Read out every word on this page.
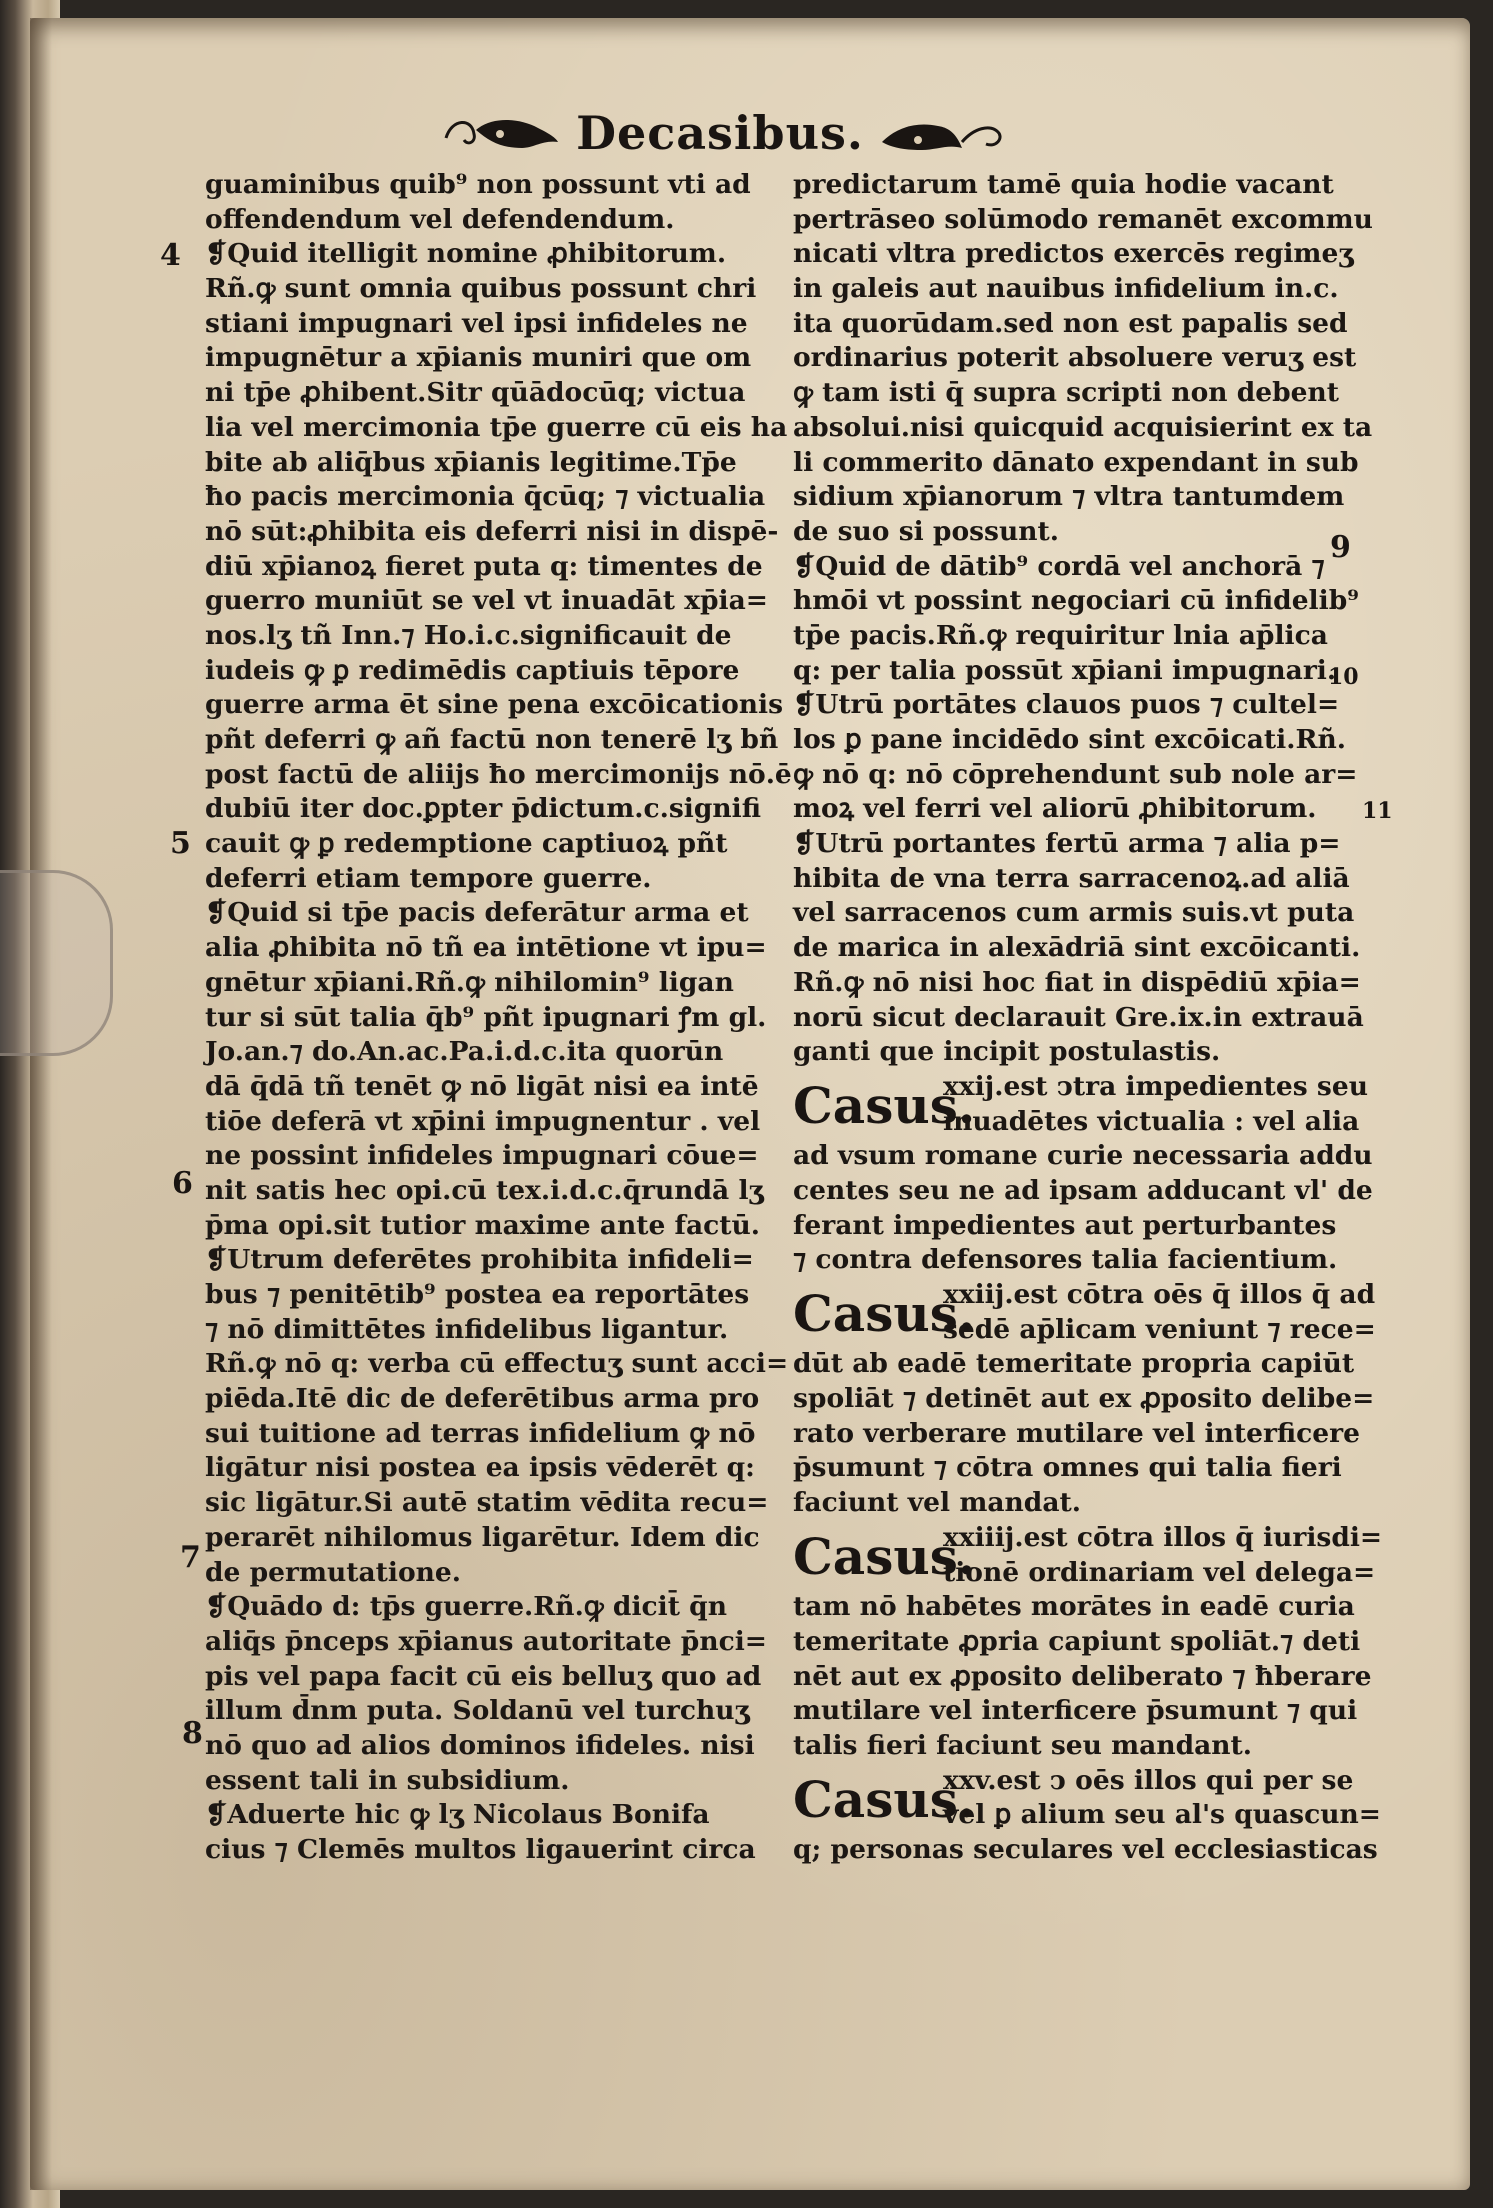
Decasibus.
guaminibus quib⁹ non possunt vti ad
offendendum vel defendendum.
❡Quid itelligit nomine ꝓhibitorum.
Rñ.ꝙ sunt omnia quibus possunt chri
stiani impugnari vel ipsi infideles ne
impugnētur a xp̄ianis muniri que om
ni tp̄e ꝓhibent.Sitr qūādocūq; victua
lia vel mercimonia tp̄e guerre cū eis ha
bite ab aliq̄bus xp̄ianis legitime.Tp̄e
ħo pacis mercimonia q̄cūq; ⁊ victualia
nō sūt:ꝓhibita eis deferri nisi in dispē-
diū xp̄ianoꝝ fieret puta q: timentes de
guerro muniūt se vel vt inuadāt xp̄ia=
nos.lʒ tñ Inn.⁊ Ho.i.c.significauit de
iudeis ꝙ ꝑ redimēdis captiuis tēpore
guerre arma ēt sine pena excōicationis
pñt deferri ꝙ añ factū non tenerē lʒ bñ
post factū de aliijs ħo mercimonijs nō.ē
dubiū iter doc.ꝑpter p̄dictum.c.signifi
cauit ꝙ ꝑ redemptione captiuoꝝ pñt
deferri etiam tempore guerre.
❡Quid si tp̄e pacis deferātur arma et
alia ꝓhibita nō tñ ea intētione vt ipu=
gnētur xp̄iani.Rñ.ꝙ nihilomin⁹ ligan
tur si sūt talia q̄b⁹ pñt ipugnari ꝭm gl.
Jo.an.⁊ do.An.ac.Pa.i.d.c.ita quorūn
dā q̄dā tñ tenēt ꝙ nō ligāt nisi ea intē
tiōe deferā vt xp̄ini impugnentur . vel
ne possint infideles impugnari cōue=
nit satis hec opi.cū tex.i.d.c.q̄rundā lʒ
p̄ma opi.sit tutior maxime ante factū.
❡Utrum deferētes prohibita infideli=
bus ⁊ penitētib⁹ postea ea reportātes
⁊ nō dimittētes infidelibus ligantur.
Rñ.ꝙ nō q: verba cū effectuʒ sunt acci=
piēda.Itē dic de deferētibus arma pro
sui tuitione ad terras infidelium ꝙ nō
ligātur nisi postea ea ipsis vēderēt q:
sic ligātur.Si autē statim vēdita recu=
perarēt nihilomus ligarētur. Idem dic
de permutatione.
❡Quādo d: tp̄s guerre.Rñ.ꝙ dicit̄ q̄n
aliq̄s p̄nceps xp̄ianus autoritate p̄nci=
pis vel papa facit cū eis belluʒ quo ad
illum d̄nm puta. Soldanū vel turchuʒ
nō quo ad alios dominos ifideles. nisi
essent tali in subsidium.
❡Aduerte hic ꝙ lʒ Nicolaus Bonifa
cius ⁊ Clemēs multos ligauerint circa
predictarum tamē quia hodie vacant
pertrāseo solūmodo remanēt excommu
nicati vltra predictos exercēs regimeʒ
in galeis aut nauibus infidelium in.c.
ita quorūdam.sed non est papalis sed
ordinarius poterit absoluere veruʒ est
ꝙ tam isti q̄ supra scripti non debent
absolui.nisi quicquid acquisierint ex ta
li commerito dānato expendant in sub
sidium xp̄ianorum ⁊ vltra tantumdem
de suo si possunt.
❡Quid de dātib⁹ cordā vel anchorā ⁊
hmōi vt possint negociari cū infidelib⁹
tp̄e pacis.Rñ.ꝙ requiritur lnia ap̄lica
q: per talia possūt xp̄iani impugnari.
❡Utrū portātes clauos puos ⁊ cultel=
los ꝑ pane incidēdo sint excōicati.Rñ.
ꝙ nō q: nō cōprehendunt sub nole ar=
moꝝ vel ferri vel aliorū ꝓhibitorum.
❡Utrū portantes fertū arma ⁊ alia p=
hibita de vna terra sarracenoꝝ.ad aliā
vel sarracenos cum armis suis.vt puta
de marica in alexādriā sint excōicanti.
Rñ.ꝙ nō nisi hoc fiat in dispēdiū xp̄ia=
norū sicut declarauit Gre.ix.in extrauā
ganti que incipit postulastis.
Casus.
xxij.est ↄtra impedientes seu
inuadētes victualia : vel alia
ad vsum romane curie necessaria addu
centes seu ne ad ipsam adducant vl' de
ferant impedientes aut perturbantes
⁊ contra defensores talia facientium.
Casus.
xxiij.est cōtra oēs q̄ illos q̄ ad
sedē ap̄licam veniunt ⁊ rece=
dūt ab eadē temeritate propria capiūt
spoliāt ⁊ detinēt aut ex ꝓposito delibe=
rato verberare mutilare vel interficere
p̄sumunt ⁊ cōtra omnes qui talia fieri
faciunt vel mandat.
Casus.
xxiiij.est cōtra illos q̄ iurisdi=
tionē ordinariam vel delega=
tam nō habētes morātes in eadē curia
temeritate ꝓpria capiunt spoliāt.⁊ deti
nēt aut ex ꝓposito deliberato ⁊ ħberare
mutilare vel interficere p̄sumunt ⁊ qui
talis fieri faciunt seu mandant.
Casus.
xxv.est ↄ oēs illos qui per se
vel ꝑ alium seu al's quascun=
q; personas seculares vel ecclesiasticas
4
5
6
7
8
9
10
11
